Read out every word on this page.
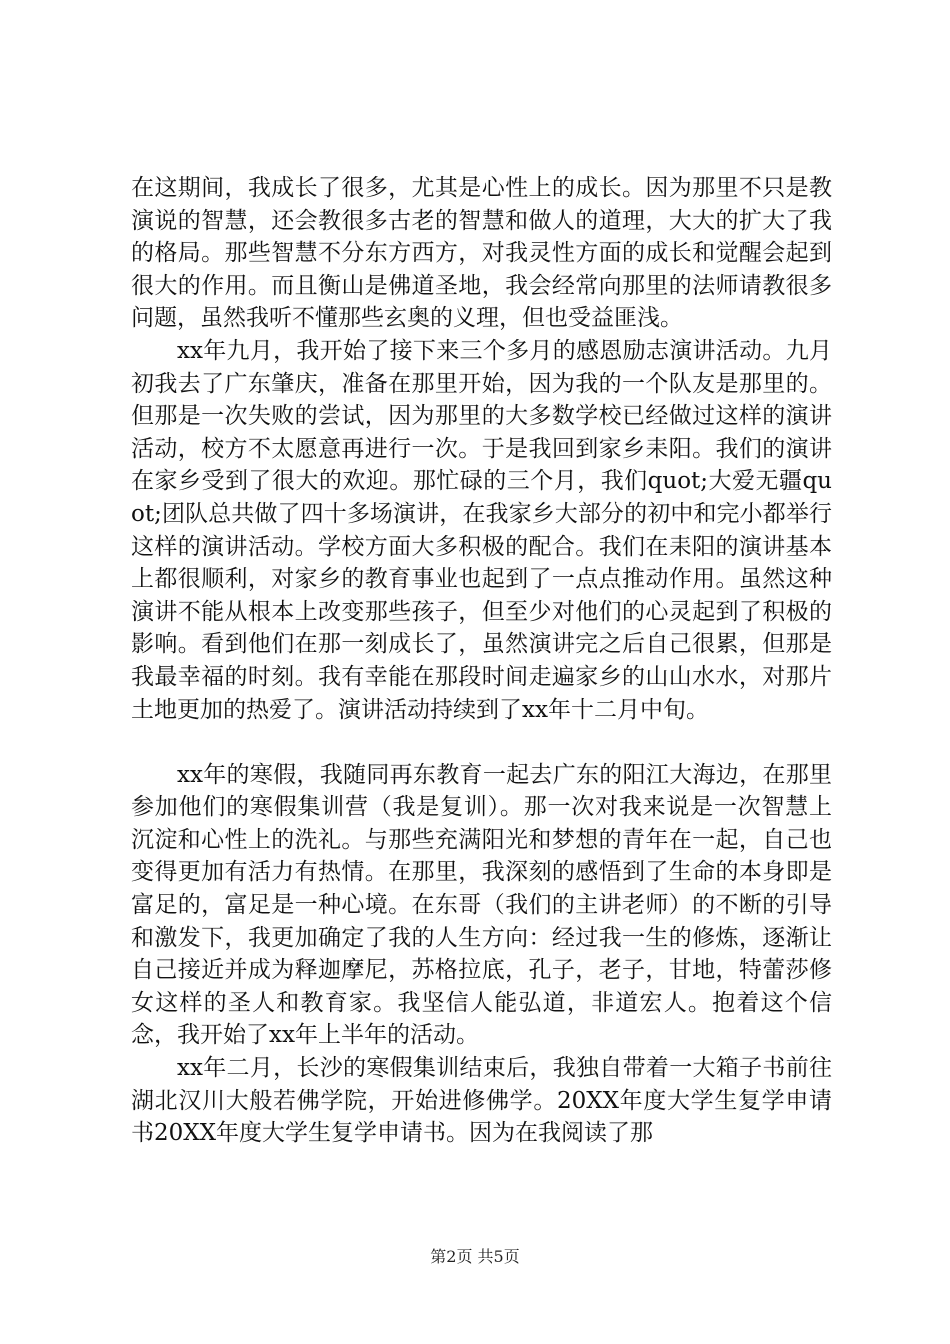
在这期间，我成长了很多，尤其是心性上的成长。因为那里不只是教演说的智慧，还会教很多古老的智慧和做人的道理，大大的扩大了我的格局。那些智慧不分东方西方，对我灵性方面的成长和觉醒会起到很大的作用。而且衡山是佛道圣地，我会经常向那里的法师请教很多问题，虽然我听不懂那些玄奥的义理，但也受益匪浅。

xx年九月，我开始了接下来三个多月的感恩励志演讲活动。九月初我去了广东肇庆，准备在那里开始，因为我的一个队友是那里的。但那是一次失败的尝试，因为那里的大多数学校已经做过这样的演讲活动，校方不太愿意再进行一次。于是我回到家乡耒阳。我们的演讲在家乡受到了很大的欢迎。那忙碌的三个月，我们quot;大爱无疆quot;团队总共做了四十多场演讲，在我家乡大部分的初中和完小都举行这样的演讲活动。学校方面大多积极的配合。我们在耒阳的演讲基本上都很顺利，对家乡的教育事业也起到了一点点推动作用。虽然这种演讲不能从根本上改变那些孩子，但至少对他们的心灵起到了积极的影响。看到他们在那一刻成长了，虽然演讲完之后自己很累，但那是我最幸福的时刻。我有幸能在那段时间走遍家乡的山山水水，对那片土地更加的热爱了。演讲活动持续到了xx年十二月中旬。

xx年的寒假，我随同再东教育一起去广东的阳江大海边，在那里参加他们的寒假集训营（我是复训）。那一次对我来说是一次智慧上沉淀和心性上的洗礼。与那些充满阳光和梦想的青年在一起，自己也变得更加有活力有热情。在那里，我深刻的感悟到了生命的本身即是富足的，富足是一种心境。在东哥（我们的主讲老师）的不断的引导和激发下，我更加确定了我的人生方向：经过我一生的修炼，逐渐让自己接近并成为释迦摩尼，苏格拉底，孔子，老子，甘地，特蕾莎修女这样的圣人和教育家。我坚信人能弘道，非道宏人。抱着这个信念，我开始了xx年上半年的活动。

xx年二月，长沙的寒假集训结束后，我独自带着一大箱子书前往湖北汉川大般若佛学院，开始进修佛学。20XX年度大学生复学申请书20XX年度大学生复学申请书。因为在我阅读了那

第2页 共5页
